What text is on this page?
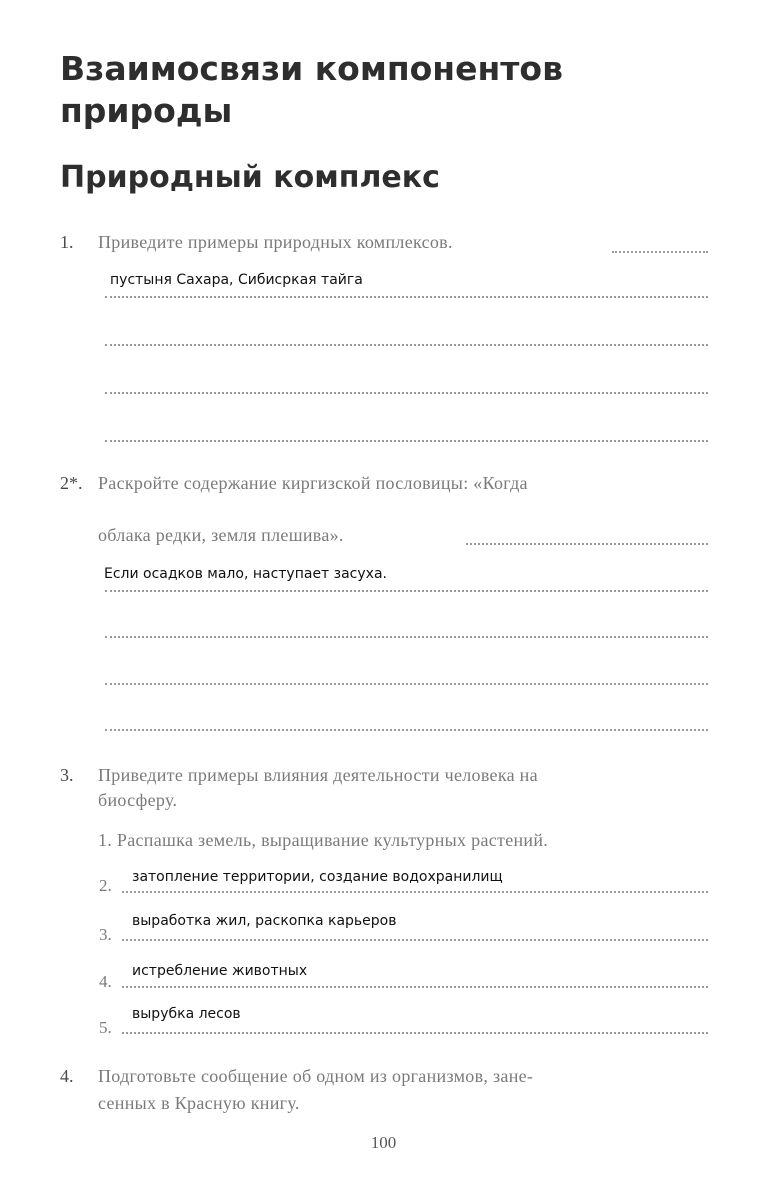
Взаимосвязи компонентов
природы
Природный комплекс
1. Приведите примеры природных комплексов.
пустыня Сахара, Сибисркая тайга
2*. Раскройте содержание киргизской пословицы: «Когда
облака редки, земля плешива».
Если осадков мало, наступает засуха.
3. Приведите примеры влияния деятельности человека на
биосферу.
1. Распашка земель, выращивание культурных растений.
2. затопление территории, создание водохранилищ
3.
выработка жил, раскопка карьеров
4.
истребление животных
5.
вырубка лесов
4. Подготовьте сообщение об одном из организмов, зане-
сенных в Красную книгу.
100
